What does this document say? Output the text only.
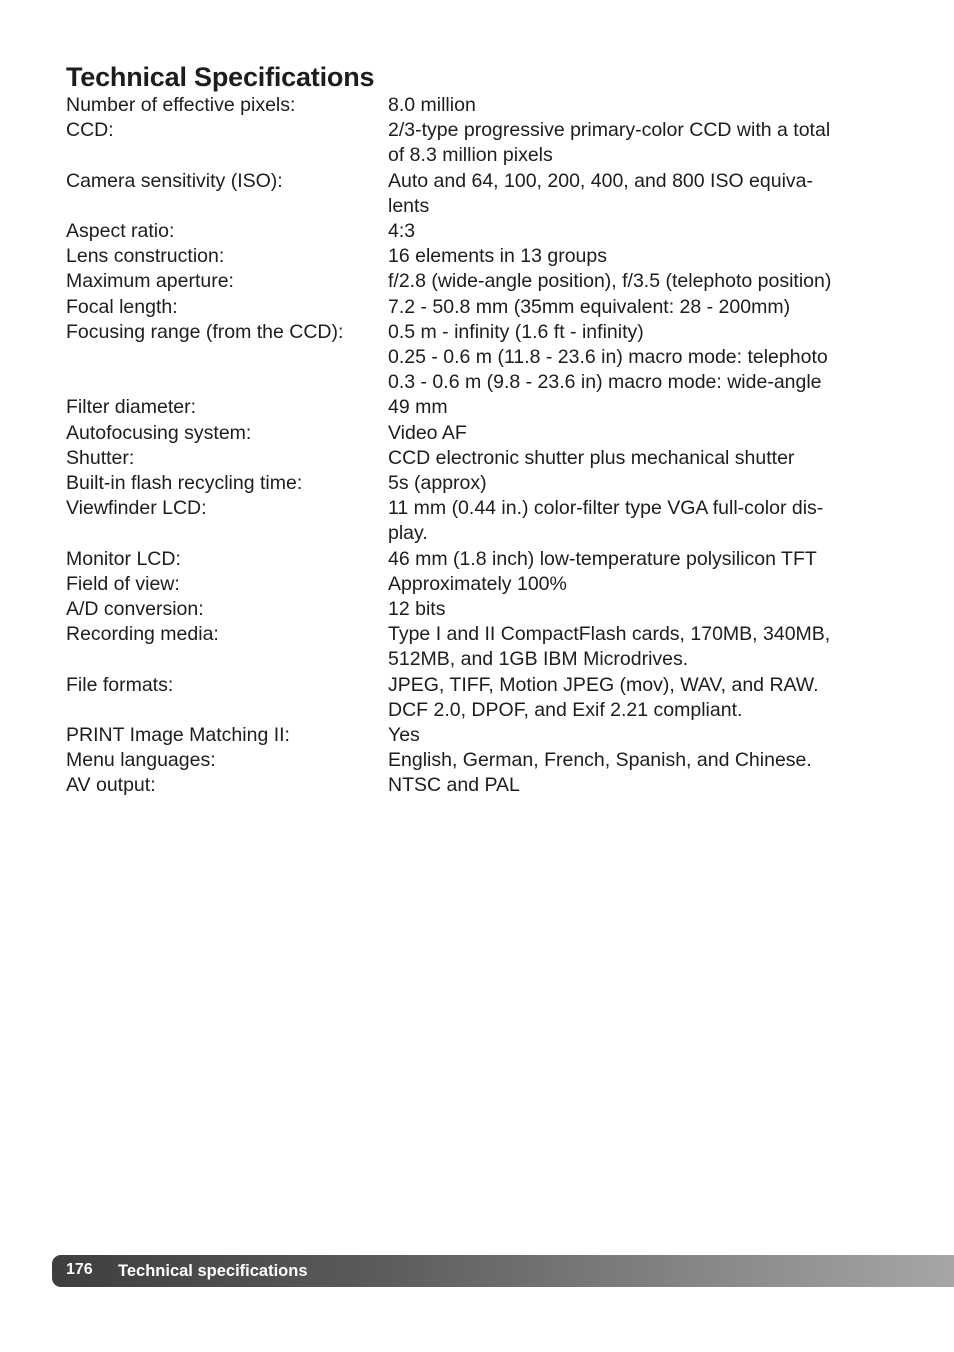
Technical Specifications
Number of effective pixels:	8.0 million
CCD:	2/3-type progressive primary-color CCD with a total
of 8.3 million pixels
Camera sensitivity (ISO):	Auto and 64, 100, 200, 400, and 800 ISO equiva-
lents
Aspect ratio:	4:3
Lens construction:	16 elements in 13 groups
Maximum aperture:	f/2.8 (wide-angle position), f/3.5 (telephoto position)
Focal length:	7.2 - 50.8 mm (35mm equivalent: 28 - 200mm)
Focusing range (from the CCD):	0.5 m - infinity (1.6 ft - infinity)
0.25 - 0.6 m (11.8 - 23.6 in) macro mode: telephoto
0.3 - 0.6 m (9.8 - 23.6 in) macro mode: wide-angle
Filter diameter:	49 mm
Autofocusing system:	Video AF
Shutter:	CCD electronic shutter plus mechanical shutter
Built-in flash recycling time:	5s (approx)
Viewfinder LCD:	11 mm (0.44 in.) color-filter type VGA full-color dis-
play.
Monitor LCD:	46 mm (1.8 inch) low-temperature polysilicon TFT
Field of view:	Approximately 100%
A/D conversion:	12 bits
Recording media:	Type I and II CompactFlash cards, 170MB, 340MB,
512MB, and 1GB IBM Microdrives.
File formats:	JPEG, TIFF, Motion JPEG (mov), WAV, and RAW.
DCF 2.0, DPOF, and Exif 2.21 compliant.
PRINT Image Matching II:	Yes
Menu languages:	English, German, French, Spanish, and Chinese.
AV output:	NTSC and PAL
176 Technical specifications
